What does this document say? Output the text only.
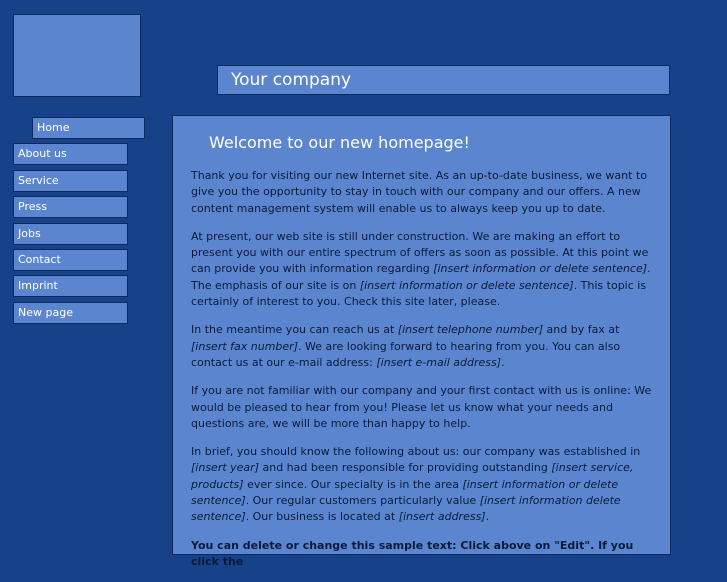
Your company
Home
About us
Service
Press
Jobs
Contact
Imprint
New page
Welcome to our new homepage!

Thank you for visiting our new Internet site. As an up-to-date business, we want to give you the opportunity to stay in touch with our company and our offers. A new content management system will enable us to always keep you up to date.

At present, our web site is still under construction. We are making an effort to present you with our entire spectrum of offers as soon as possible. At this point we can provide you with information regarding [insert information or delete sentence]. The emphasis of our site is on [insert information or delete sentence]. This topic is certainly of interest to you. Check this site later, please.

In the meantime you can reach us at [insert telephone number] and by fax at [insert fax number]. We are looking forward to hearing from you. You can also contact us at our e-mail address: [insert e-mail address].

If you are not familiar with our company and your first contact with us is online: We would be pleased to hear from you! Please let us know what your needs and questions are, we will be more than happy to help.

In brief, you should know the following about us: our company was established in [insert year] and had been responsible for providing outstanding [insert service, products] ever since. Our specialty is in the area [insert information or delete sentence]. Our regular customers particularly value [insert information delete sentence]. Our business is located at [insert address].

You can delete or change this sample text: Click above on "Edit". If you click the
